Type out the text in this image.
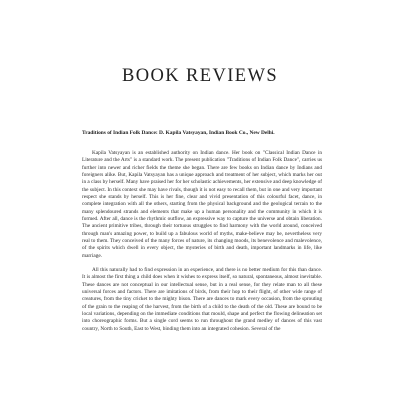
BOOK REVIEWS
Traditions of Indian Folk Dance: D. Kapila Vatsyayan, Indian Book Co., New Delhi.

Kapila Vatsyayan is an established authority on Indian dance. Her book on "Classical Indian Dance in Literature and the Arts" is a standard work. The present publication "Traditions of Indian Folk Dance", carries us further into newer and richer fields the theme she began. There are few books on Indian dance by Indians and foreigners alike. But, Kapila Vatsyayan has a unique approach and treatment of her subject, which marks her out in a class by herself. Many have praised her for her scholastic achievements, her extensive and deep knowledge of the subject. In this context she may have rivals, though it is not easy to recall them, but in one and very important respect she stands by herself. This is her fine, clear and vivid presentation of this colourful facet, dance, in complete integration with all the others, starting from the physical background and the geological terrain to the many splendoured strands and elements that make up a human personality and the community in which it is formed. After all, dance is the rhythmic outflow, an expressive way to capture the universe and obtain liberation. The ancient primitive tribes, through their tortuous struggles to find harmony with the world around, conceived through man's amazing power, to build up a fabulous world of myths, make-believe may be, nevertheless very real to them. They conceived of the many forces of nature, its changing moods, its benevolence and malevolence, of the spirits which dwell in every object, the mysteries of birth and death, important landmarks in life, like marriage.

All this naturally had to find expression in an experience, and there is no better medium for this than dance. It is almost the first thing a child does when it wishes to express itself, so natural, spontaneous, almost inevitable. These dances are not conceptual in our intellectual sense, but in a real sense, for they relate man to all these universal forces and factors. There are imitations of birds, from their hop to their flight, of other wide range of creatures, from the tiny cricket to the mighty bison. There are dances to mark every occasion, from the sprouting of the grain to the reaping of the harvest, from the birth of a child to the death of the old. These are bound to be local variations, depending on the immediate conditions that mould, shape and perfect the flowing delineation set into choreographic forms. But a single cord seems to run throughout the grand medley of dances of this vast country, North to South, East to West, binding them into an integrated cohesion. Several of the
